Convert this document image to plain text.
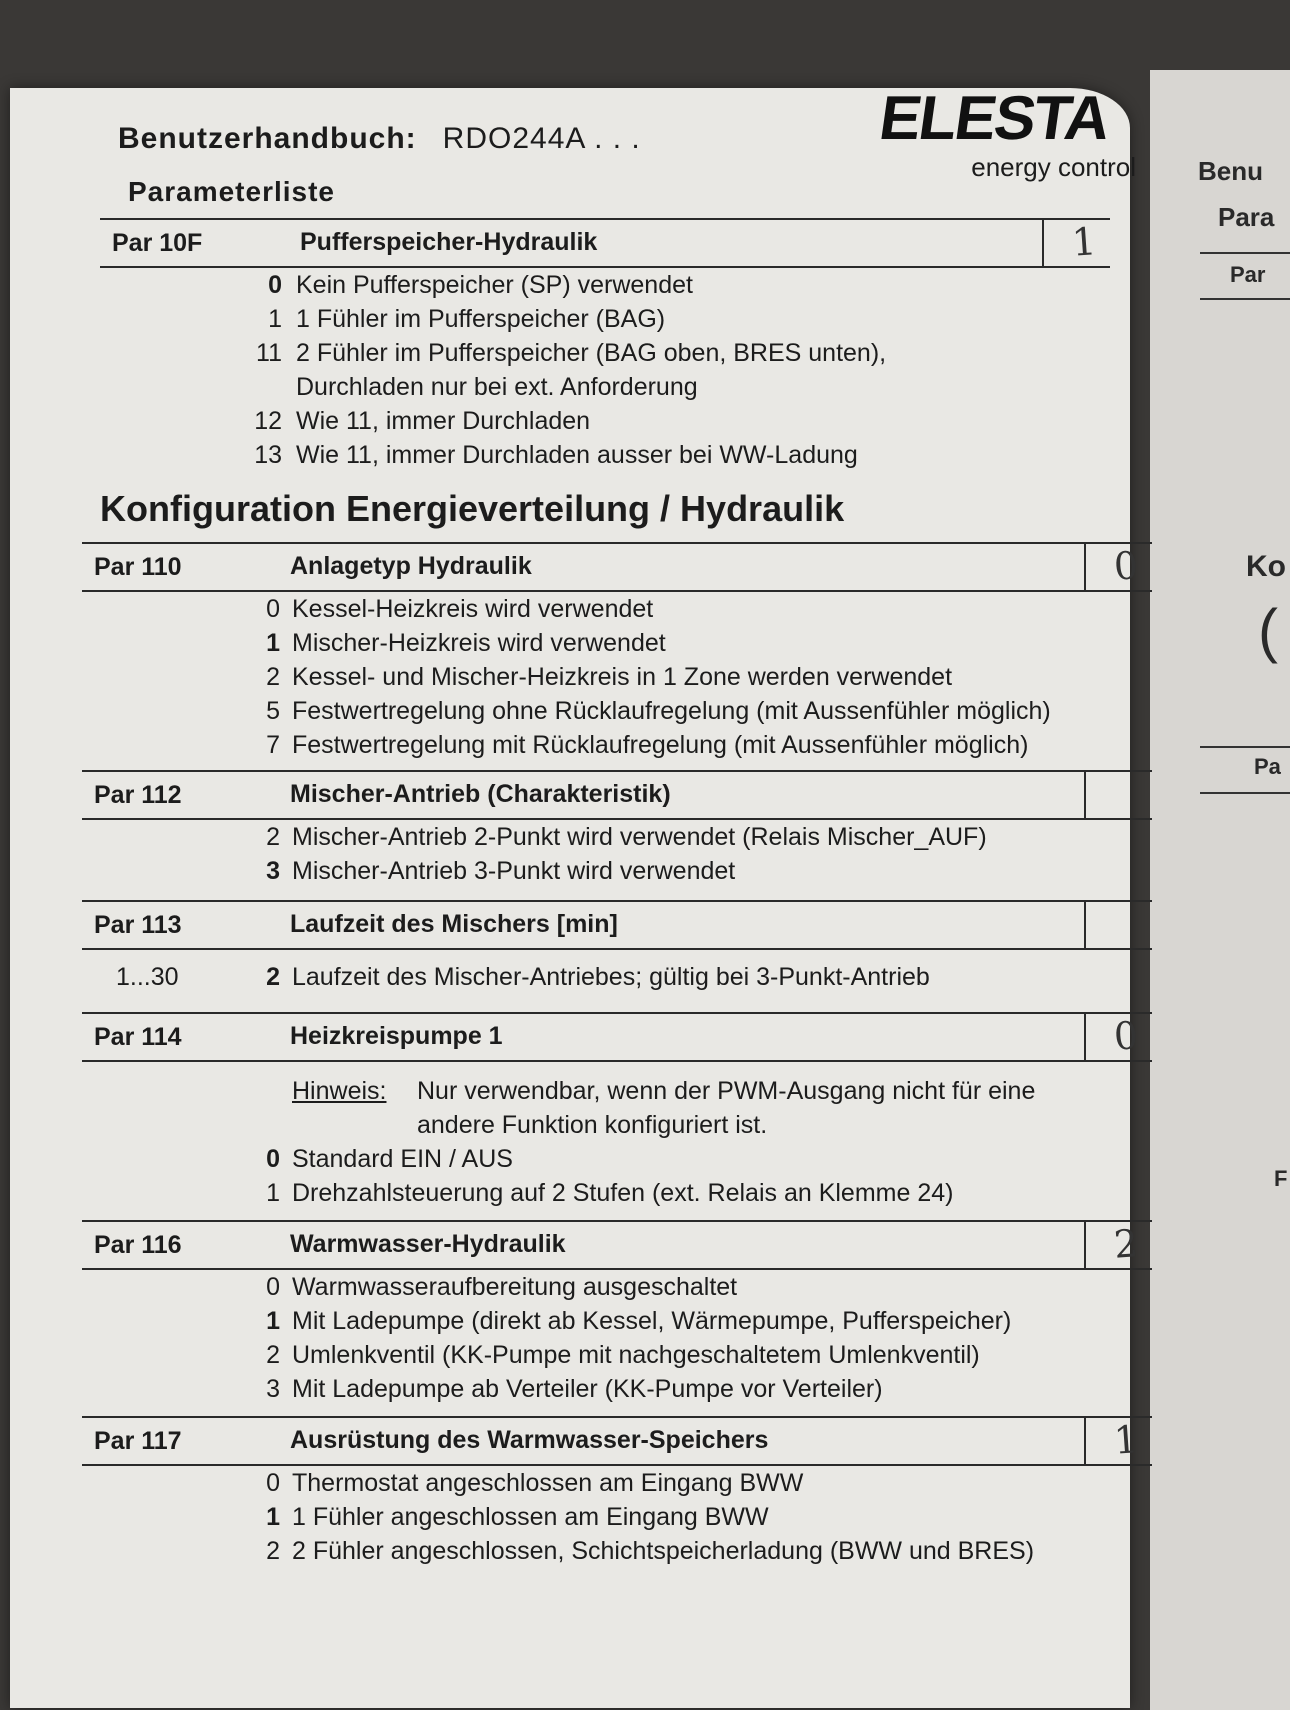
Benu
Para
Par
Ko
(
Pa
F
Benutzerhandbuch: RDO244A . . .
Parameterliste
ELESTA
energy control
Par 10F	Pufferspeicher-Hydraulik	1
0 Kein Pufferspeicher (SP) verwendet
1 1 Fühler im Pufferspeicher (BAG)
11 2 Fühler im Pufferspeicher (BAG oben, BRES unten),
Durchladen nur bei ext. Anforderung
12 Wie 11, immer Durchladen
13 Wie 11, immer Durchladen ausser bei WW-Ladung
Konfiguration Energieverteilung / Hydraulik
Par 110	Anlagetyp Hydraulik	0
0 Kessel-Heizkreis wird verwendet
1 Mischer-Heizkreis wird verwendet
2 Kessel- und Mischer-Heizkreis in 1 Zone werden verwendet
5 Festwertregelung ohne Rücklaufregelung (mit Aussenfühler möglich)
7 Festwertregelung mit Rücklaufregelung (mit Aussenfühler möglich)
Par 112	Mischer-Antrieb (Charakteristik)
2 Mischer-Antrieb 2-Punkt wird verwendet (Relais Mischer_AUF)
3 Mischer-Antrieb 3-Punkt wird verwendet
Par 113	Laufzeit des Mischers [min]
1...30	2 Laufzeit des Mischer-Antriebes; gültig bei 3-Punkt-Antrieb
Par 114	Heizkreispumpe 1	0
Hinweis: Nur verwendbar, wenn der PWM-Ausgang nicht für eine andere Funktion konfiguriert ist.
0 Standard EIN / AUS
1 Drehzahlsteuerung auf 2 Stufen (ext. Relais an Klemme 24)
Par 116	Warmwasser-Hydraulik	2
0 Warmwasseraufbereitung ausgeschaltet
1 Mit Ladepumpe (direkt ab Kessel, Wärmepumpe, Pufferspeicher)
2 Umlenkventil (KK-Pumpe mit nachgeschaltetem Umlenkventil)
3 Mit Ladepumpe ab Verteiler (KK-Pumpe vor Verteiler)
Par 117	Ausrüstung des Warmwasser-Speichers	1
0 Thermostat angeschlossen am Eingang BWW
1 1 Fühler angeschlossen am Eingang BWW
2 2 Fühler angeschlossen, Schichtspeicherladung (BWW und BRES)
